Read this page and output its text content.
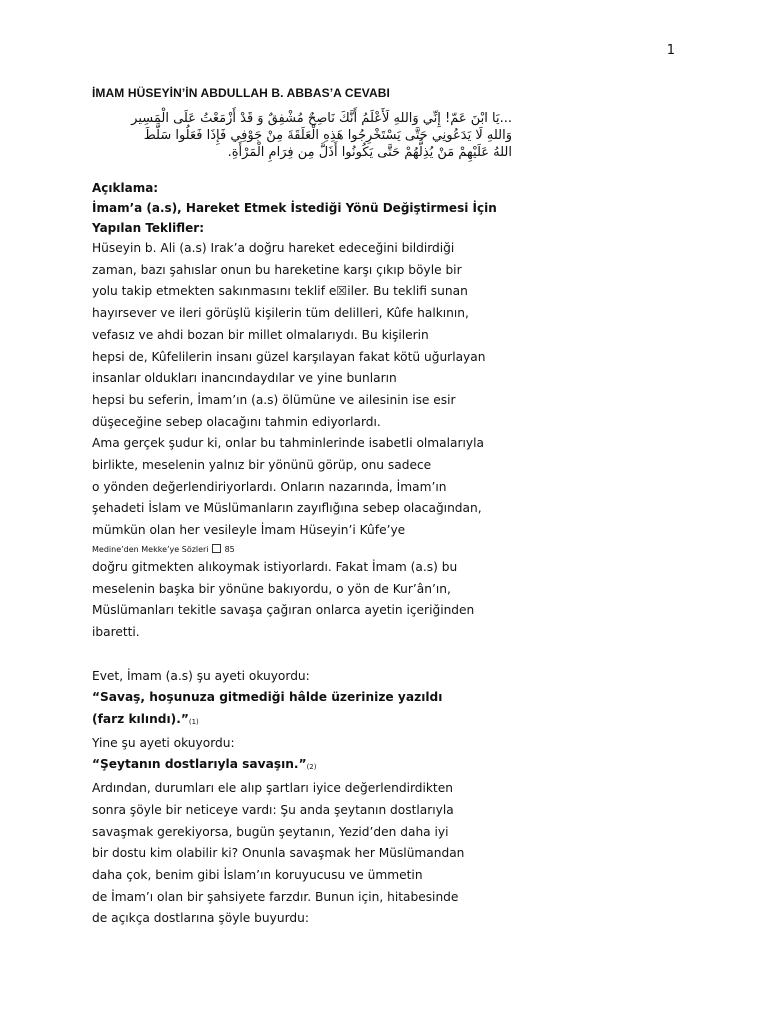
1
İMAM HÜSEYİN’İN ABDULLAH B. ABBAS’A CEVABI
...يَا ابْنَ عَمّ! إِنِّي وَاللهِ لَأَعْلَمُ أَنَّكَ نَاصِحٌ مُشْفِقٌ وَ قَدْ أَزْمَعْتُ عَلَى الْمَسِير
وَاللهِ لَا يَدَعُونِي حَتَّى يَسْتَخْرِجُوا هَذِهِ الْعَلَقَةَ مِنْ جَوْفِي فَإِذَا فَعَلُوا سَلَّطَ
اللهُ عَلَيْهِمْ مَنْ يُذِلُّهُمْ حَتَّى يَكُونُوا أَذَلَّ مِن فِرَامِ الْمَرْأَةِ.
Açıklama:
İmam’a (a.s), Hareket Etmek İstediği Yönü Değiştirmesi İçin
Yapılan Teklifler:
Hüseyin b. Ali (a.s) Irak’a doğru hareket edeceğini bildirdiği
zaman, bazı şahıslar onun bu hareketine karşı çıkıp böyle bir
yolu takip etmekten sakınmasını teklif e☒iler. Bu teklifi sunan
hayırsever ve ileri görüşlü kişilerin tüm delilleri, Kûfe halkının,
vefasız ve ahdi bozan bir millet olmalarıydı. Bu kişilerin
hepsi de, Kûfelilerin insanı güzel karşılayan fakat kötü uğurlayan
insanlar oldukları inancındaydılar ve yine bunların
hepsi bu seferin, İmam’ın (a.s) ölümüne ve ailesinin ise esir
düşeceğine sebep olacağını tahmin ediyorlardı.
Ama gerçek şudur ki, onlar bu tahminlerinde isabetli olmalarıyla
birlikte, meselenin yalnız bir yönünü görüp, onu sadece
o yönden değerlendiriyorlardı. Onların nazarında, İmam’ın
şehadeti İslam ve Müslümanların zayıflığına sebep olacağından,
mümkün olan her vesileyle İmam Hüseyin’i Kûfe’ye
Medine’den Mekke’ye Sözleri 85
doğru gitmekten alıkoymak istiyorlardı. Fakat İmam (a.s) bu
meselenin başka bir yönüne bakıyordu, o yön de Kur’ân’ın,
Müslümanları tekitle savaşa çağıran onlarca ayetin içeriğinden
ibaretti.
Evet, İmam (a.s) şu ayeti okuyordu:
“Savaş, hoşunuza gitmediği hâlde üzerinize yazıldı
(farz kılındı).”$^{(1)}$
Yine şu ayeti okuyordu:
“Şeytanın dostlarıyla savaşın.”$^{(2)}$
Ardından, durumları ele alıp şartları iyice değerlendirdikten
sonra şöyle bir neticeye vardı: Şu anda şeytanın dostlarıyla
savaşmak gerekiyorsa, bugün şeytanın, Yezid’den daha iyi
bir dostu kim olabilir ki? Onunla savaşmak her Müslümandan
daha çok, benim gibi İslam’ın koruyucusu ve ümmetin
de İmam’ı olan bir şahsiyete farzdır. Bunun için, hitabesinde
de açıkça dostlarına şöyle buyurdu:
